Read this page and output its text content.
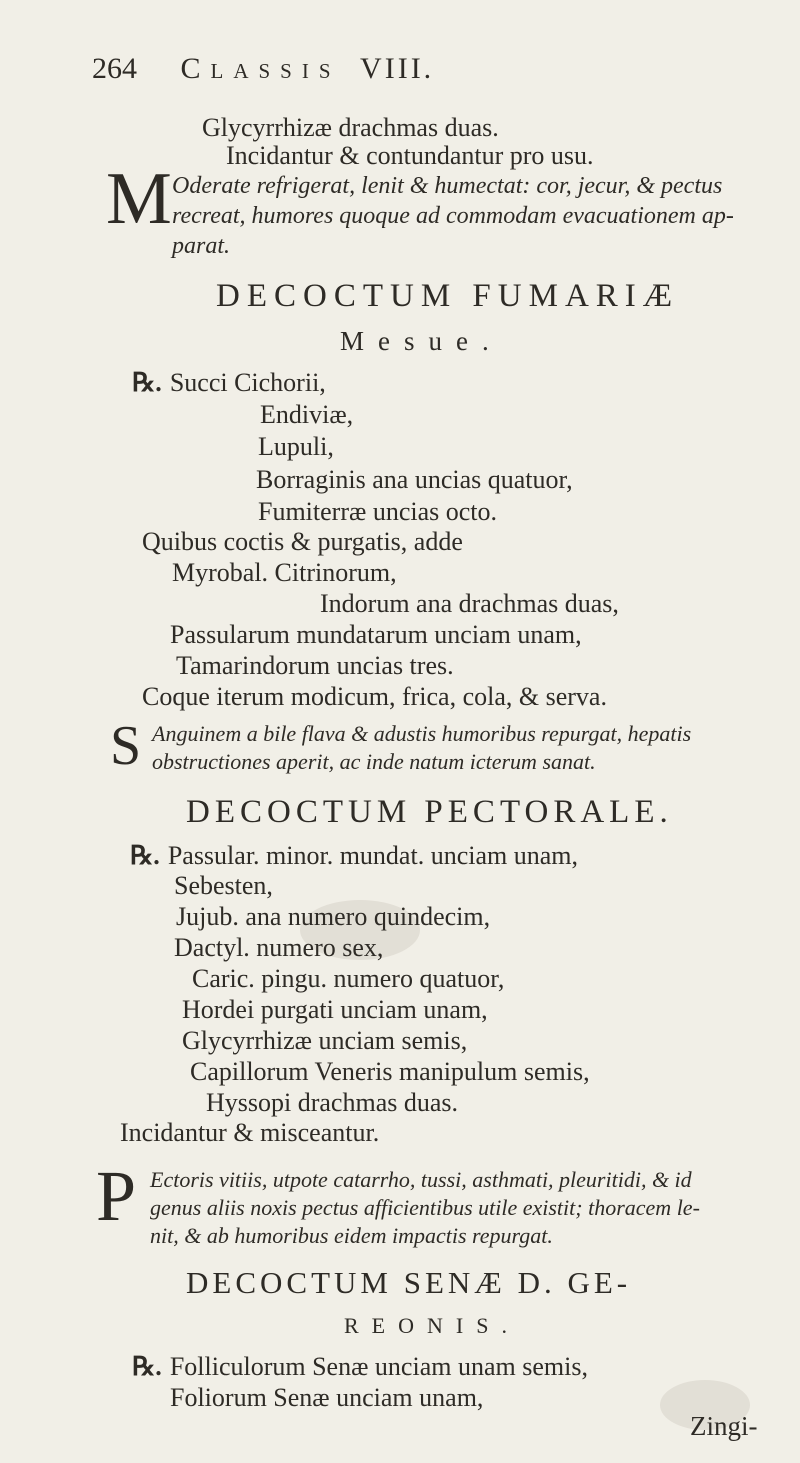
264 Classis VIII.
Glycyrrhizæ drachmas duas.
Incidantur & contundantur pro usu.
M Oderate refrigerat, lenit & humectat: cor, jecur, & pectus
recreat, humores quoque ad commodam evacuationem ap-
parat.
DECOCTUM FUMARIÆ
Mesue.
℞. Succi Cichorii,
Endiviæ,
Lupuli,
Borraginis ana uncias quatuor,
Fumiterræ uncias octo.
Quibus coctis & purgatis, adde
Myrobal. Citrinorum,
Indorum ana drachmas duas,
Passularum mundatarum unciam unam,
Tamarindorum uncias tres.
Coque iterum modicum, frica, cola, & serva.
S Anguinem a bile flava & adustis humoribus repurgat, hepatis
obstructiones aperit, ac inde natum icterum sanat.
DECOCTUM PECTORALE.
℞. Passular. minor. mundat. unciam unam,
Sebesten,
Jujub. ana numero quindecim,
Dactyl. numero sex,
Caric. pingu. numero quatuor,
Hordei purgati unciam unam,
Glycyrrhizæ unciam semis,
Capillorum Veneris manipulum semis,
Hyssopi drachmas duas.
Incidantur & misceantur.
P Ectoris vitiis, utpote catarrho, tussi, asthmati, pleuritidi, & id
genus aliis noxis pectus afficientibus utile existit; thoracem le-
nit, & ab humoribus eidem impactis repurgat.
DECOCTUM SENÆ D. GE-
REONIS.
℞. Folliculorum Senæ unciam unam semis,
Foliorum Senæ unciam unam,
Zingi-
